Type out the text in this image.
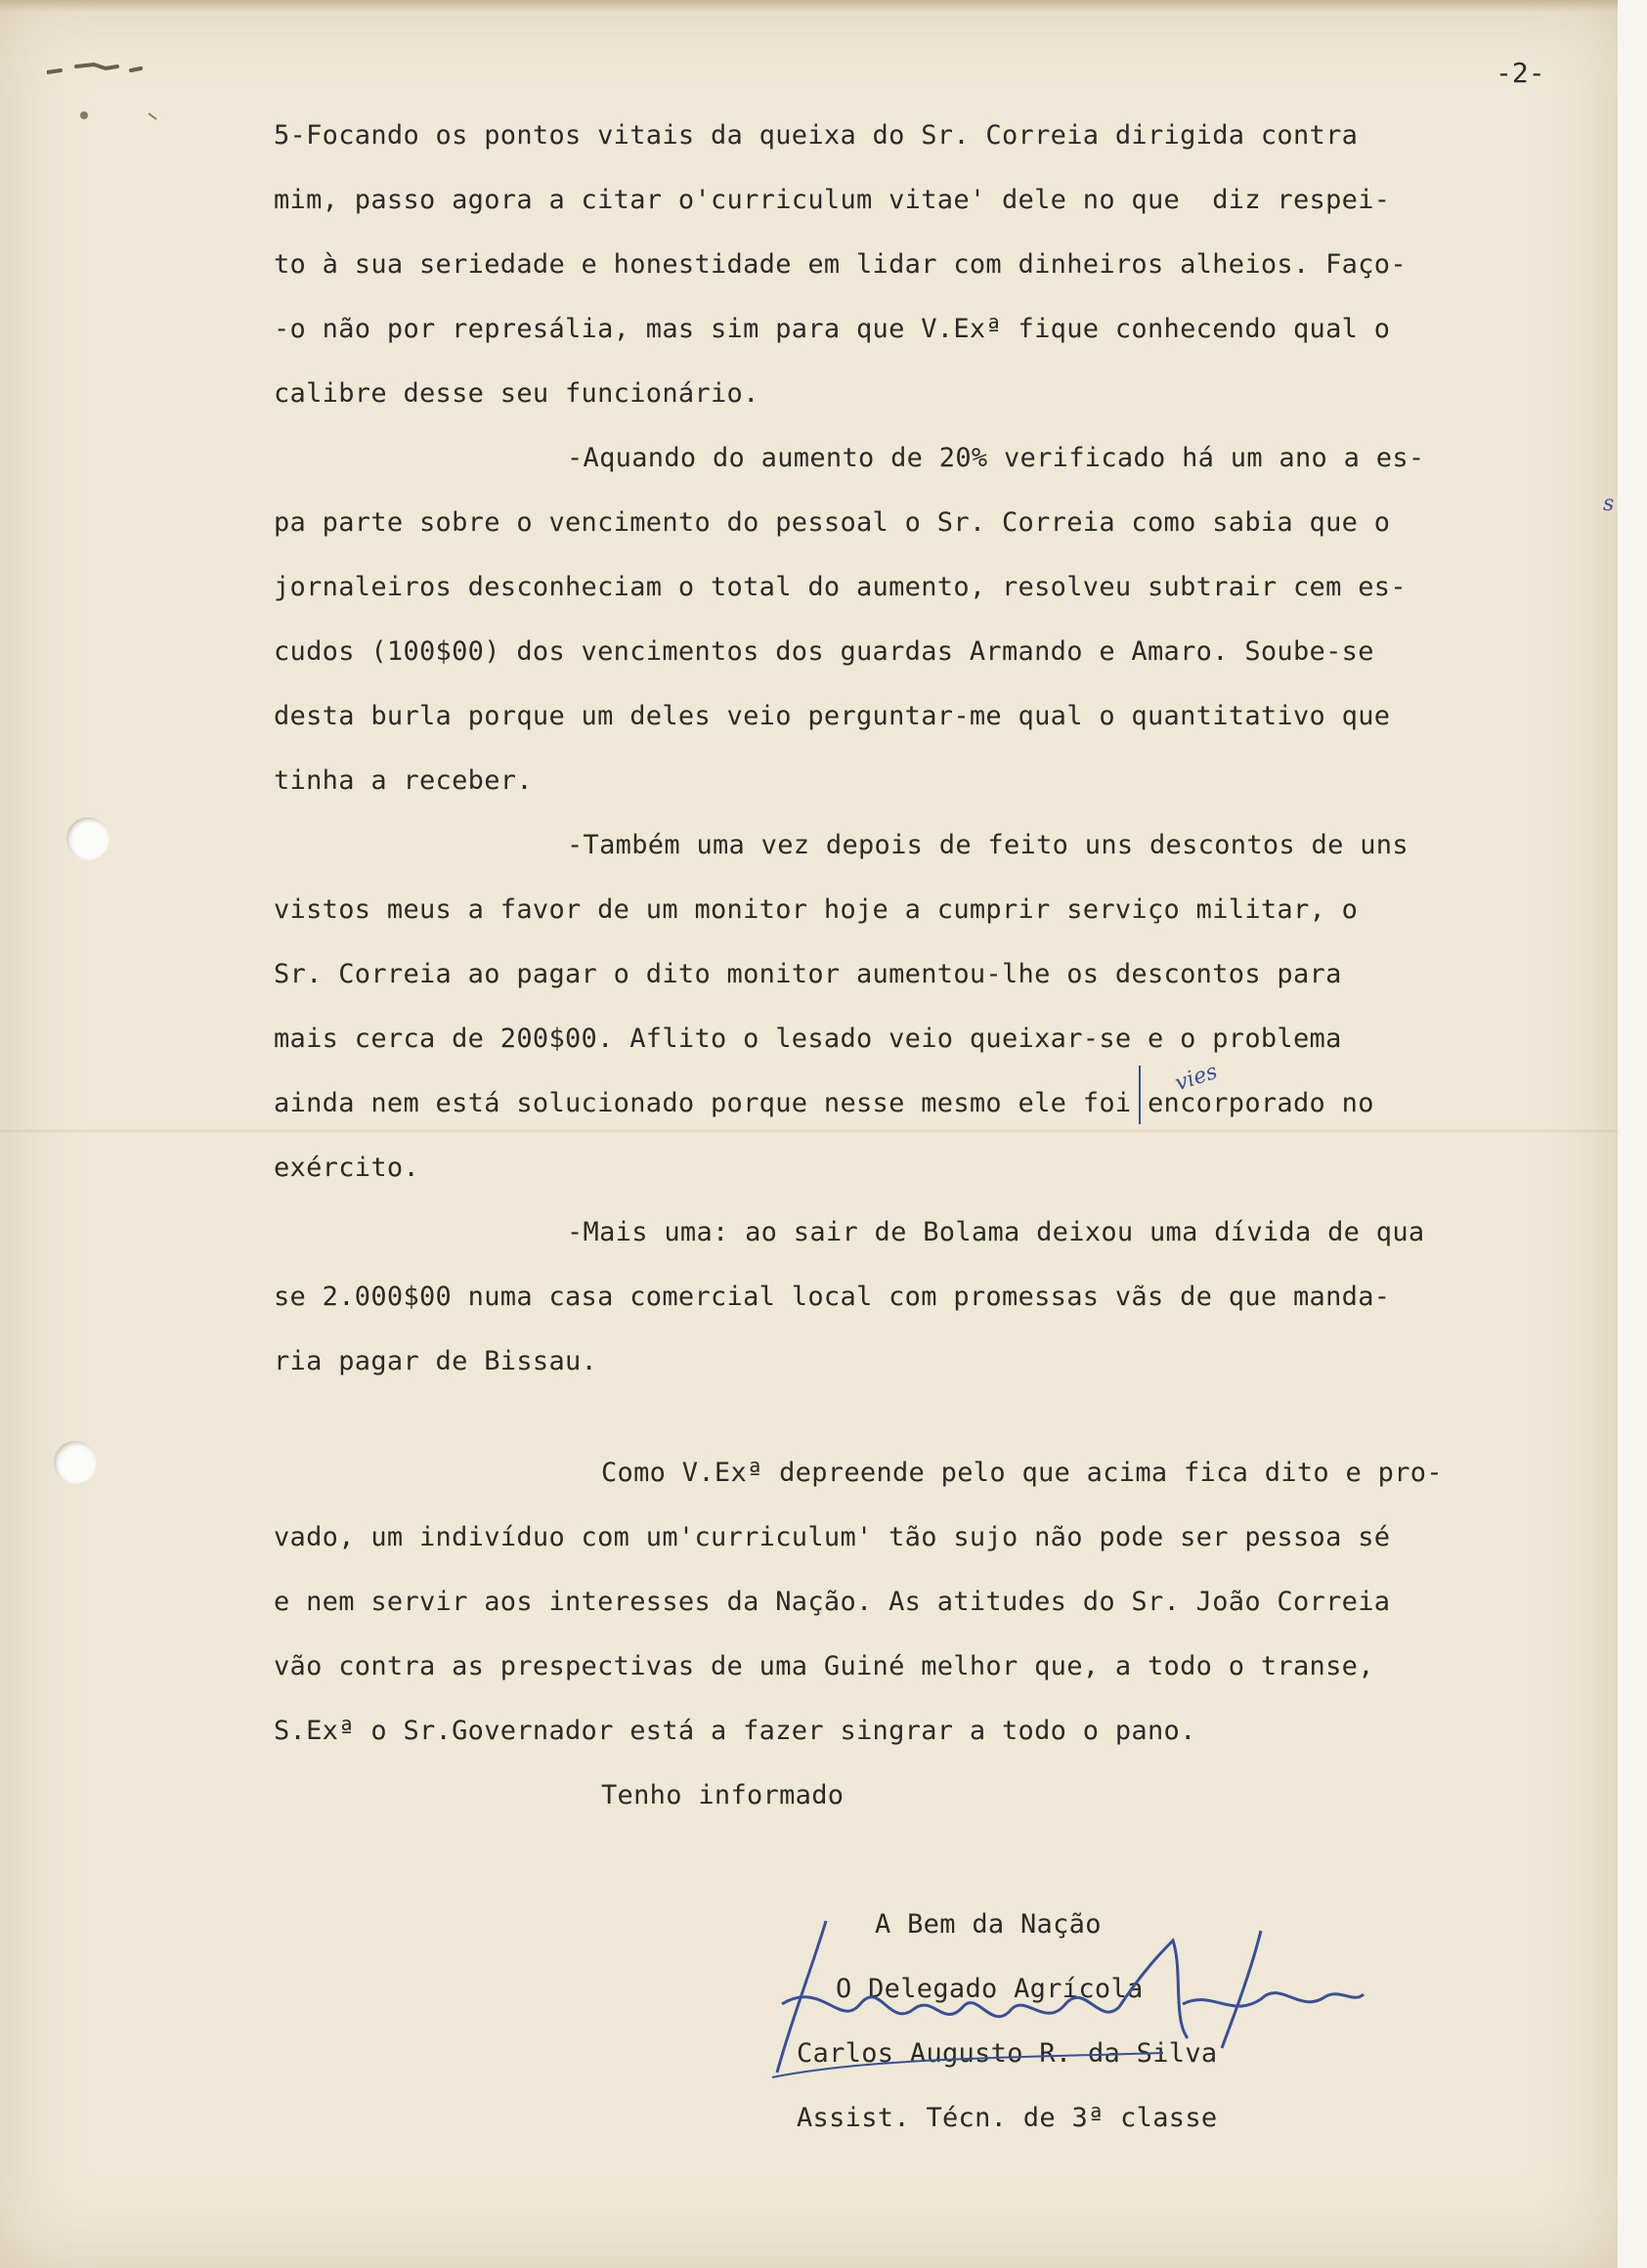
-2-
5-Focando os pontos vitais da queixa do Sr. Correia dirigida contra
mim, passo agora a citar o'curriculum vitae' dele no que  diz respei-
to à sua seriedade e honestidade em lidar com dinheiros alheios. Faço-
-o não por represália, mas sim para que V.Exª fique conhecendo qual o
calibre desse seu funcionário.
-Aquando do aumento de 20% verificado há um ano a es-
pa parte sobre o vencimento do pessoal o Sr. Correia como sabia que o
jornaleiros desconheciam o total do aumento, resolveu subtrair cem es-
cudos (100$00) dos vencimentos dos guardas Armando e Amaro. Soube-se
desta burla porque um deles veio perguntar-me qual o quantitativo que
tinha a receber.
-Também uma vez depois de feito uns descontos de uns
vistos meus a favor de um monitor hoje a cumprir serviço militar, o
Sr. Correia ao pagar o dito monitor aumentou-lhe os descontos para
mais cerca de 200$00. Aflito o lesado veio queixar-se e o problema
ainda nem está solucionado porque nesse mesmo ele foi encorporado no
exército.
-Mais uma: ao sair de Bolama deixou uma dívida de qua
se 2.000$00 numa casa comercial local com promessas vãs de que manda-
ria pagar de Bissau.
Como V.Exª depreende pelo que acima fica dito e pro-
vado, um indivíduo com um'curriculum' tão sujo não pode ser pessoa sé
e nem servir aos interesses da Nação. As atitudes do Sr. João Correia
vão contra as prespectivas de uma Guiné melhor que, a todo o transe,
S.Exª o Sr.Governador está a fazer singrar a todo o pano.
Tenho informado
A Bem da Nação
O Delegado Agrícola
Carlos Augusto R. da Silva
Assist. Técn. de 3ª classe
vies
s
